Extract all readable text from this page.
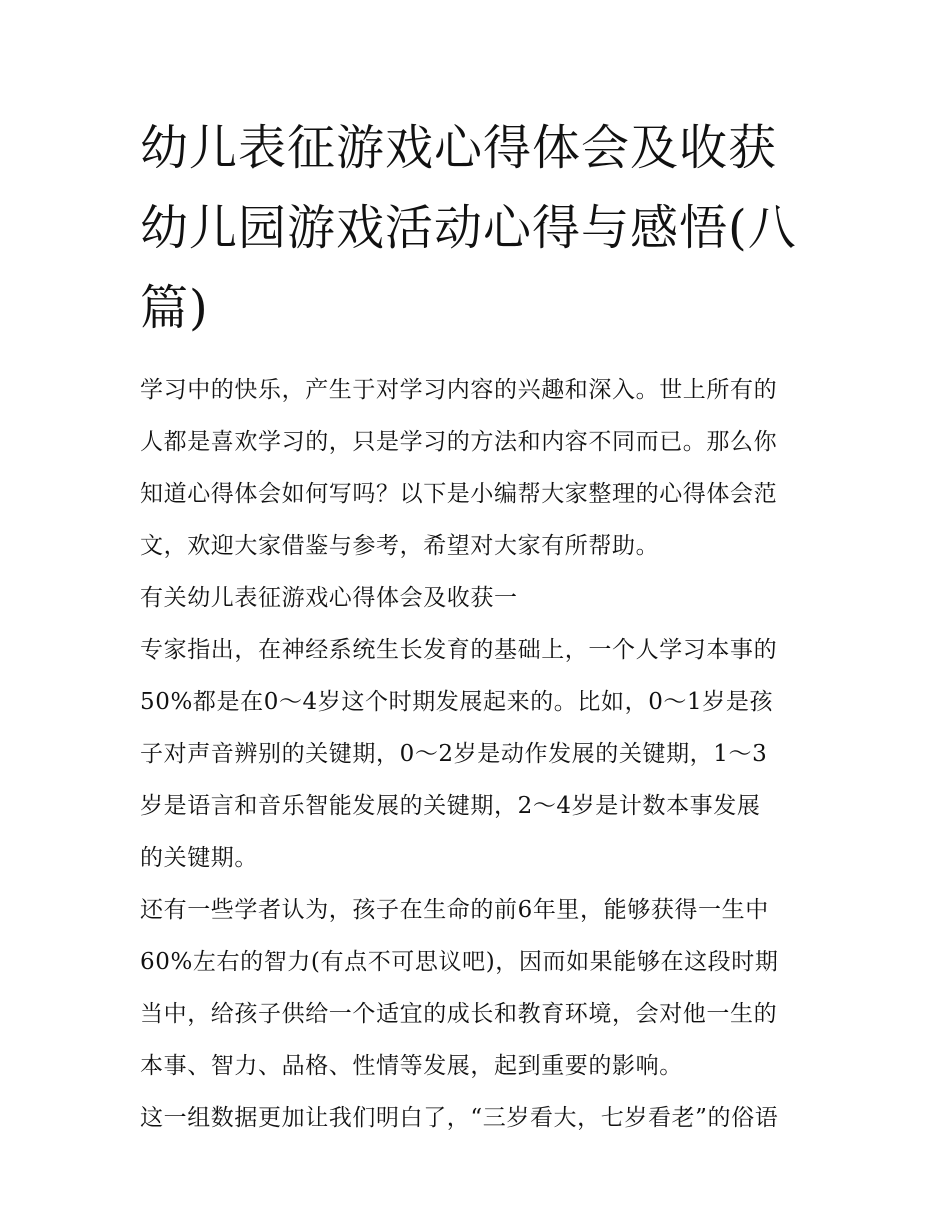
幼儿表征游戏心得体会及收获
幼儿园游戏活动心得与感悟(八
篇)
学习中的快乐，产生于对学习内容的兴趣和深入。世上所有的
人都是喜欢学习的，只是学习的方法和内容不同而已。那么你
知道心得体会如何写吗？以下是小编帮大家整理的心得体会范
文，欢迎大家借鉴与参考，希望对大家有所帮助。
有关幼儿表征游戏心得体会及收获一
专家指出，在神经系统生长发育的基础上，一个人学习本事的
50%都是在0～4岁这个时期发展起来的。比如，0～1岁是孩
子对声音辨别的关键期，0～2岁是动作发展的关键期，1～3
岁是语言和音乐智能发展的关键期，2～4岁是计数本事发展
的关键期。
还有一些学者认为，孩子在生命的前6年里，能够获得一生中
60%左右的智力(有点不可思议吧)，因而如果能够在这段时期
当中，给孩子供给一个适宜的成长和教育环境，会对他一生的
本事、智力、品格、性情等发展，起到重要的影响。
这一组数据更加让我们明白了，“三岁看大，七岁看老”的俗语
